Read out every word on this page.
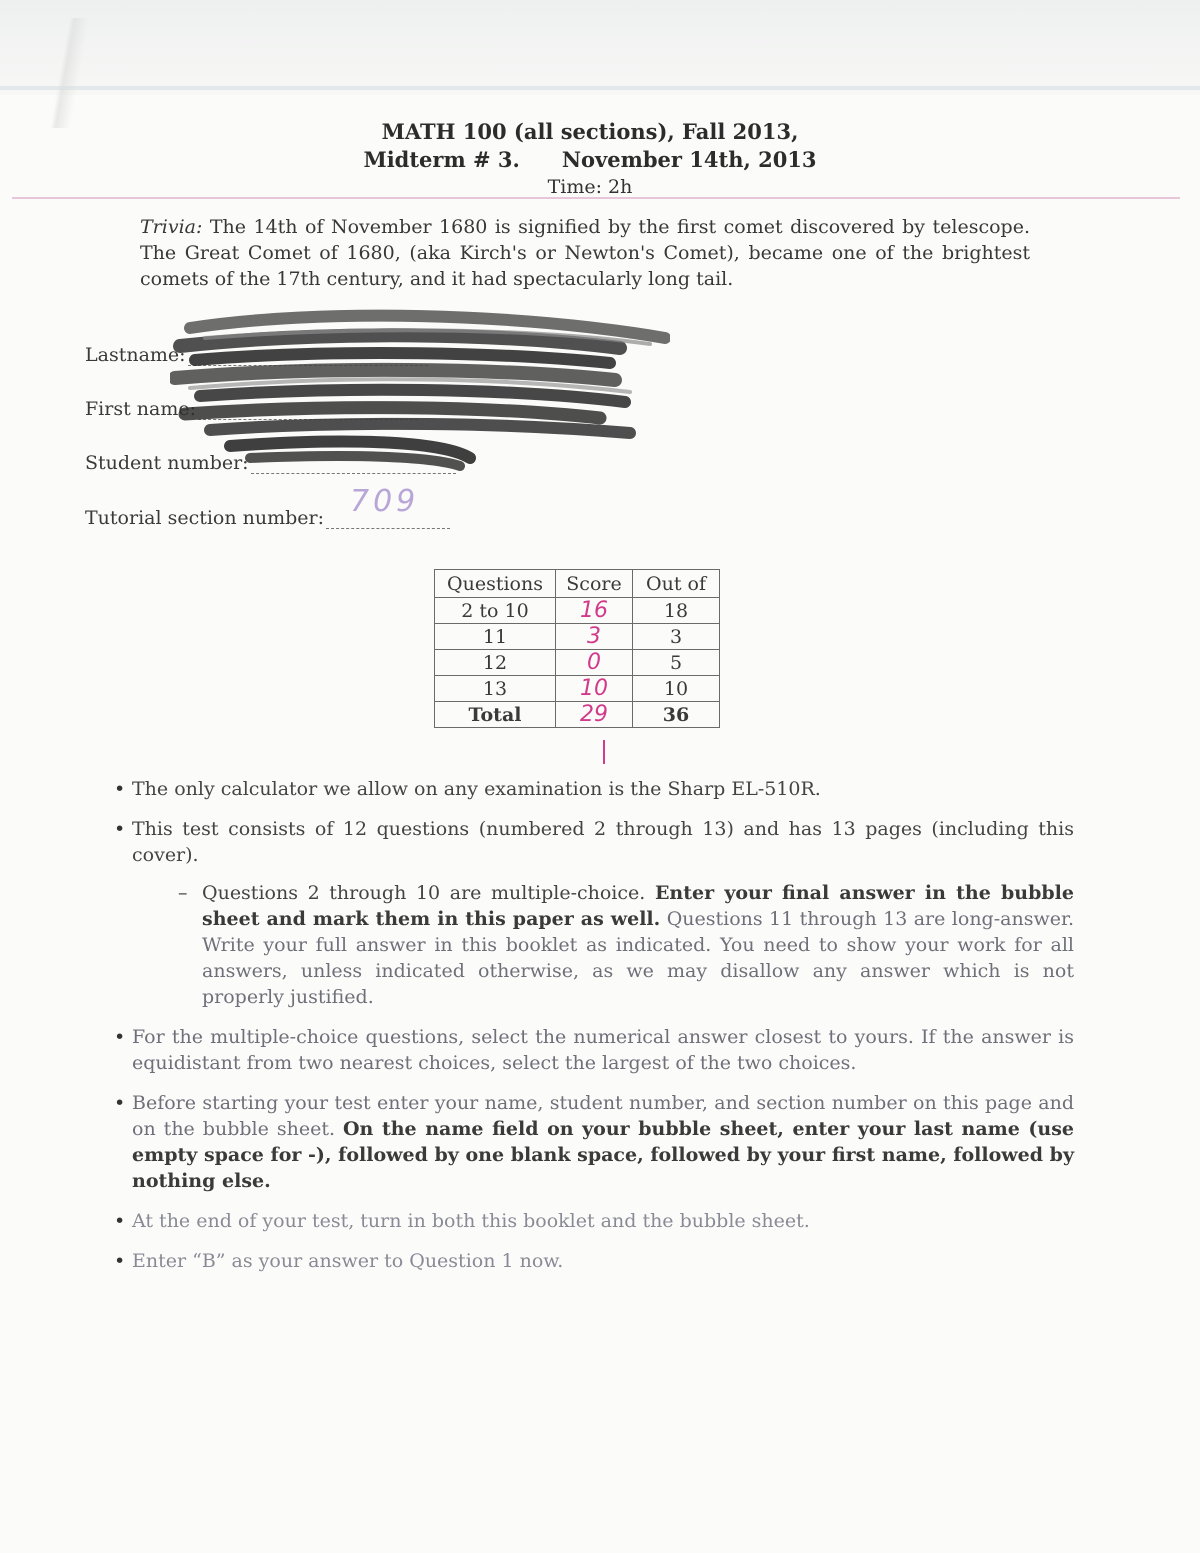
MATH 100 (all sections), Fall 2013,
Midterm # 3. November 14th, 2013
Time: 2h
Trivia: The 14th of November 1680 is signified by the first comet discovered by telescope. The Great Comet of 1680, (aka Kirch's or Newton's Comet), became one of the brightest comets of the 17th century, and it had spectacularly long tail.
Lastname:
First name:
Student number:
Tutorial section number: 709
Questions	Score	Out of
2 to 10	16	18
11	3	3
12	0	5
13	10	10
Total	29	36
• The only calculator we allow on any examination is the Sharp EL-510R.
• This test consists of 12 questions (numbered 2 through 13) and has 13 pages (including this cover).
– Questions 2 through 10 are multiple-choice. Enter your final answer in the bubble sheet and mark them in this paper as well. Questions 11 through 13 are long-answer. Write your full answer in this booklet as indicated. You need to show your work for all answers, unless indicated otherwise, as we may disallow any answer which is not properly justified.
• For the multiple-choice questions, select the numerical answer closest to yours. If the answer is equidistant from two nearest choices, select the largest of the two choices.
• Before starting your test enter your name, student number, and section number on this page and on the bubble sheet. On the name field on your bubble sheet, enter your last name (use empty space for -), followed by one blank space, followed by your first name, followed by nothing else.
• At the end of your test, turn in both this booklet and the bubble sheet.
• Enter “B” as your answer to Question 1 now.
